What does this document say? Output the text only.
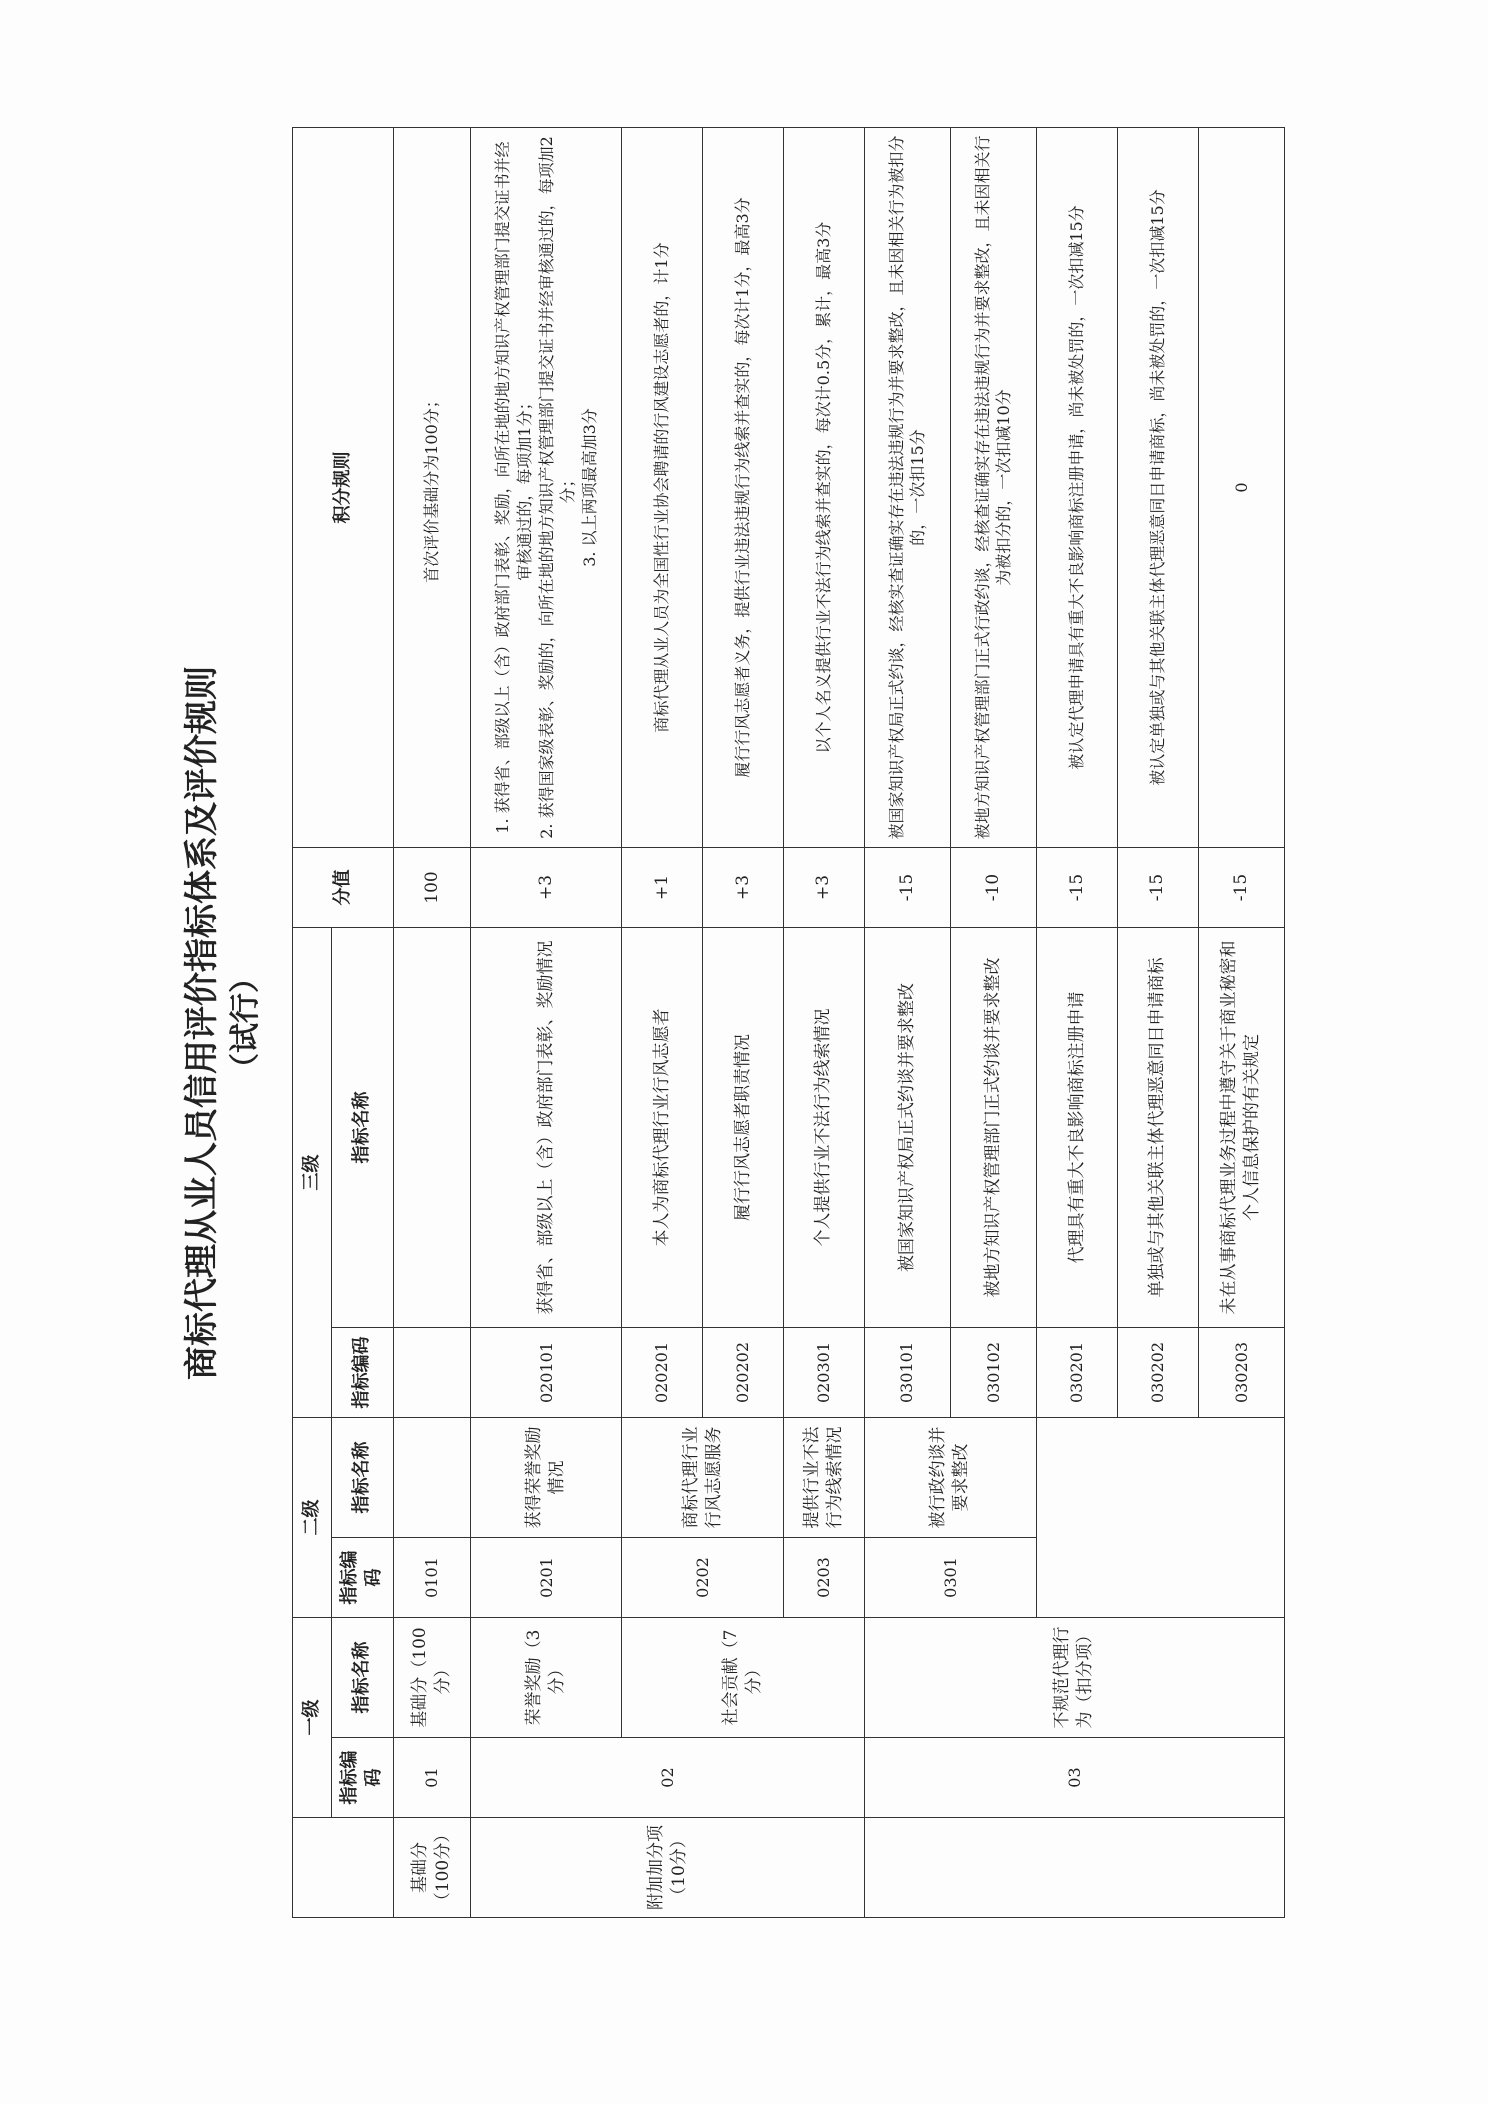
商标代理从业人员信用评价指标体系及评价规则 （试行）
	一级		二级		三级		分值	积分规则
	指标编码	指标名称	指标编码	指标名称	指标编码	指标名称		
基础分（100分）	01	基础分（100分）	0101				100	首次评价基础分为100分；
附加加分项（10分）	02	荣誉奖励（3分）	0201	获得荣誉奖励情况	020101	获得省、部级以上（含）政府部门表彰、奖励情况	+3	1. 获得省、部级以上（含）政府部门表彰、奖励，向所在地的地方知识产权管理部门提交证书并经审核通过的，每项加1分；
2. 获得国家级表彰、奖励的，向所在地的地方知识产权管理部门提交证书并经审核通过的，每项加2分；
3. 以上两项最高加3分
		社会贡献（7分）	0202	商标代理行业行风志愿服务	020201	本人为商标代理行业行风志愿者	+1	商标代理从业人员为全国性行业协会聘请的行风建设志愿者的，计1分
					020202	履行行风志愿者职责情况	+3	履行行风志愿者义务，提供行业违法违规行为线索并查实的，每次计1分，最高3分
			0203	提供行业不法行为线索情况	020301	个人提供行业不法行为线索情况	+3	以个人名义提供行业不法行为线索并查实的，每次计0.5分，累计，最高3分
	03	不规范代理行为（扣分项）	0301	被行政约谈并要求整改	030101	被国家知识产权局正式约谈并要求整改	-15	被国家知识产权局正式约谈，经核实查证确实存在违法违规行为并要求整改，且未因相关行为被扣分的，一次扣15分
					030102	被地方知识产权管理部门正式约谈并要求整改	-10	被地方知识产权管理部门正式行政约谈，经核查证确实存在违法违规行为并要求整改，且未因相关行为被扣分的，一次扣减10分
					030201	代理具有重大不良影响商标注册申请	-15	被认定代理申请具有重大不良影响商标注册申请，尚未被处罚的，一次扣减15分
					030202	单独或与其他关联主体代理恶意同日申请商标	-15	被认定单独或与其他关联主体代理恶意同日申请商标，尚未被处罚的，一次扣减15分
					030203	未在从事商标代理业务过程中遵守关于商业秘密和个人信息保护的有关规定	-15	0
